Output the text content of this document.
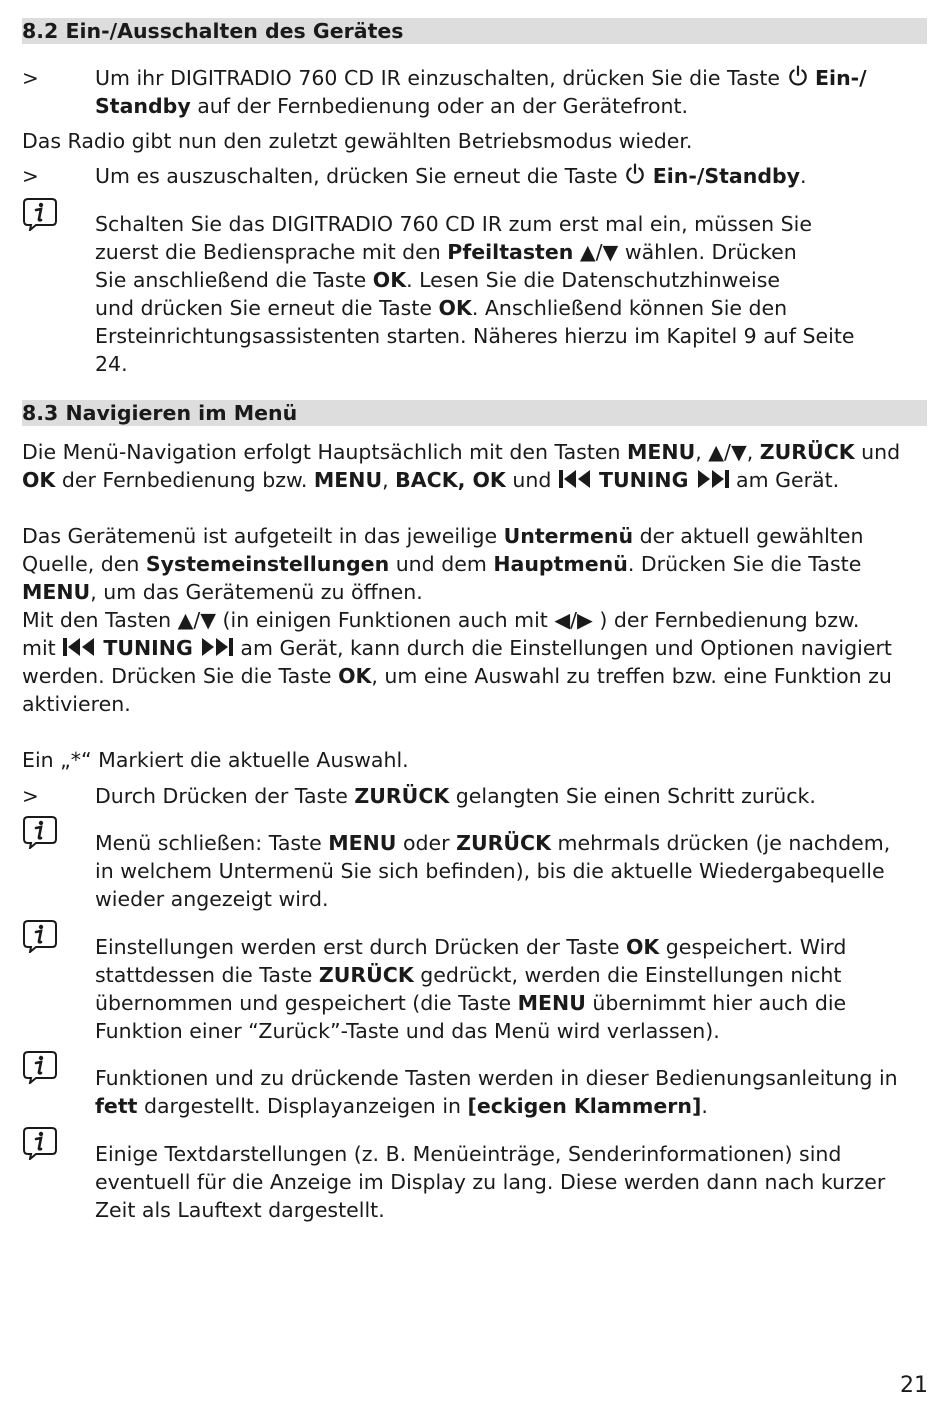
8.2 Ein-/Ausschalten des Gerätes
>	Um ihr DIGITRADIO 760 CD IR einzuschalten, drücken Sie die Taste  Ein-/
Standby auf der Fernbedienung oder an der Gerätefront.
Das Radio gibt nun den zuletzt gewählten Betriebsmodus wieder.
>	Um es auszuschalten, drücken Sie erneut die Taste  Ein-/Standby.
Schalten Sie das DIGITRADIO 760 CD IR zum erst mal ein, müssen Sie
zuerst die Bediensprache mit den Pfeiltasten ▲/▼ wählen. Drücken
Sie anschließend die Taste OK. Lesen Sie die Datenschutzhinweise
und drücken Sie erneut die Taste OK. Anschließend können Sie den
Ersteinrichtungsassistenten starten. Näheres hierzu im Kapitel 9 auf Seite
24.
8.3 Navigieren im Menü
Die Menü-Navigation erfolgt Hauptsächlich mit den Tasten MENU, ▲/▼, ZURÜCK und
OK der Fernbedienung bzw. MENU, BACK, OK und  TUNING  am Gerät.
Das Gerätemenü ist aufgeteilt in das jeweilige Untermenü der aktuell gewählten
Quelle, den Systemeinstellungen und dem Hauptmenü. Drücken Sie die Taste
MENU, um das Gerätemenü zu öffnen.
Mit den Tasten ▲/▼ (in einigen Funktionen auch mit ◀/▶ ) der Fernbedienung bzw.
mit  TUNING  am Gerät, kann durch die Einstellungen und Optionen navigiert
werden. Drücken Sie die Taste OK, um eine Auswahl zu treffen bzw. eine Funktion zu
aktivieren.
Ein „*“ Markiert die aktuelle Auswahl.
>	Durch Drücken der Taste ZURÜCK gelangten Sie einen Schritt zurück.
Menü schließen: Taste MENU oder ZURÜCK mehrmals drücken (je nachdem,
in welchem Untermenü Sie sich befinden), bis die aktuelle Wiedergabequelle
wieder angezeigt wird.
Einstellungen werden erst durch Drücken der Taste OK gespeichert. Wird
stattdessen die Taste ZURÜCK gedrückt, werden die Einstellungen nicht
übernommen und gespeichert (die Taste MENU übernimmt hier auch die
Funktion einer “Zurück”-Taste und das Menü wird verlassen).
Funktionen und zu drückende Tasten werden in dieser Bedienungsanleitung in
fett dargestellt. Displayanzeigen in [eckigen Klammern].
Einige Textdarstellungen (z. B. Menüeinträge, Senderinformationen) sind
eventuell für die Anzeige im Display zu lang. Diese werden dann nach kurzer
Zeit als Lauftext dargestellt.
21
